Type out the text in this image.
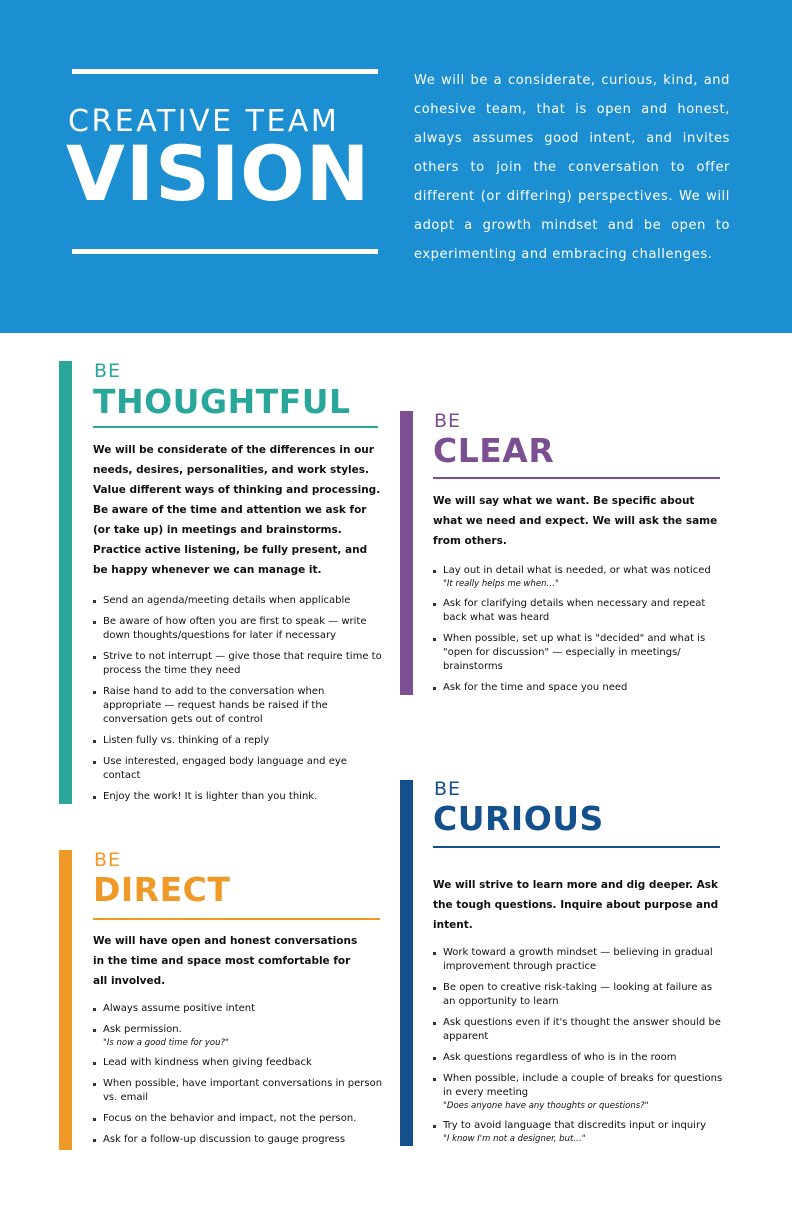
CREATIVE TEAM
VISION
We will be a considerate, curious, kind, and cohesive team, that is open and honest, always assumes good intent, and invites others to join the conversation to offer different (or differing) perspectives. We will adopt a growth mindset and be open to experimenting and embracing challenges.
BE
THOUGHTFUL
We will be considerate of the differences in our needs, desires, personalities, and work styles. Value different ways of thinking and processing. Be aware of the time and attention we ask for (or take up) in meetings and brainstorms. Practice active listening, be fully present, and be happy whenever we can manage it.
Send an agenda/meeting details when applicable
Be aware of how often you are first to speak — write down thoughts/questions for later if necessary
Strive to not interrupt — give those that require time to process the time they need
Raise hand to add to the conversation when appropriate — request hands be raised if the conversation gets out of control
Listen fully vs. thinking of a reply
Use interested, engaged body language and eye contact
Enjoy the work! It is lighter than you think.
BE
CLEAR
We will say what we want. Be specific about what we need and expect. We will ask the same from others.
Lay out in detail what is needed, or what was noticed
"It really helps me when…"
Ask for clarifying details when necessary and repeat back what was heard
When possible, set up what is "decided" and what is "open for discussion" — especially in meetings/ brainstorms
Ask for the time and space you need
BE
DIRECT
We will have open and honest conversations in the time and space most comfortable for all involved.
Always assume positive intent
Ask permission.
"Is now a good time for you?"
Lead with kindness when giving feedback
When possible, have important conversations in person vs. email
Focus on the behavior and impact, not the person.
Ask for a follow-up discussion to gauge progress
BE
CURIOUS
We will strive to learn more and dig deeper. Ask the tough questions. Inquire about purpose and intent.
Work toward a growth mindset — believing in gradual improvement through practice
Be open to creative risk-taking — looking at failure as an opportunity to learn
Ask questions even if it's thought the answer should be apparent
Ask questions regardless of who is in the room
When possible, include a couple of breaks for questions in every meeting
"Does anyone have any thoughts or questions?"
Try to avoid language that discredits input or inquiry
"I know I'm not a designer, but…"
